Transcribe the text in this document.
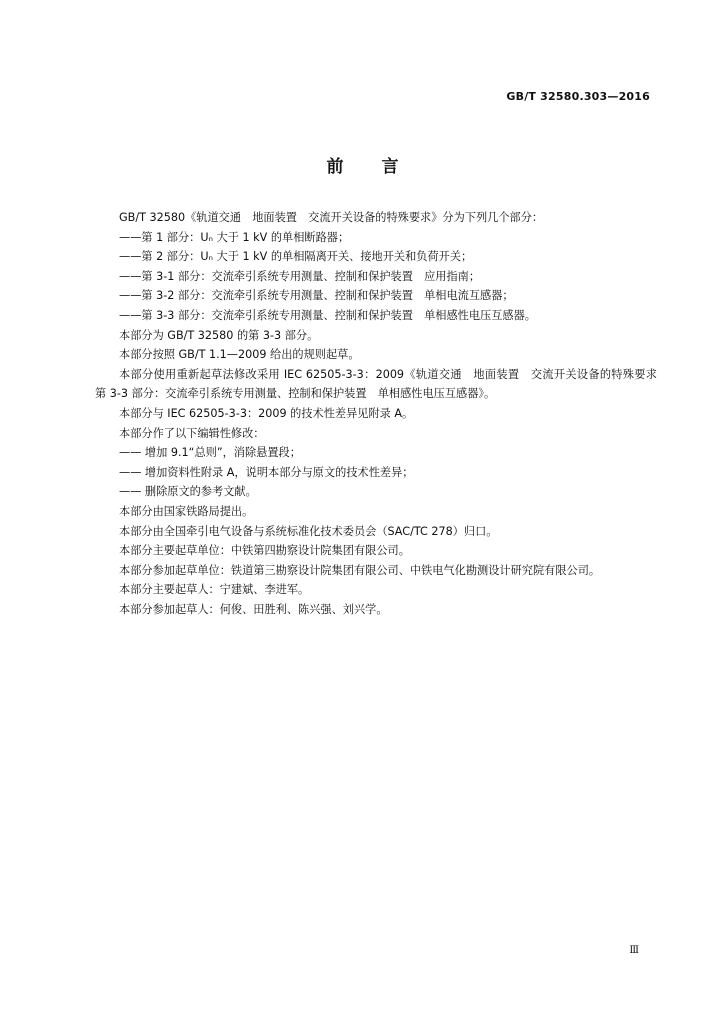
GB/T 32580.303—2016
前言
GB/T 32580《轨道交通　地面装置　交流开关设备的特殊要求》分为下列几个部分：
——第 1 部分：Uₙ 大于 1 kV 的单相断路器；
——第 2 部分：Uₙ 大于 1 kV 的单相隔离开关、接地开关和负荷开关；
——第 3-1 部分：交流牵引系统专用测量、控制和保护装置　应用指南；
——第 3-2 部分：交流牵引系统专用测量、控制和保护装置　单相电流互感器；
——第 3-3 部分：交流牵引系统专用测量、控制和保护装置　单相感性电压互感器。
本部分为 GB/T 32580 的第 3-3 部分。
本部分按照 GB/T 1.1—2009 给出的规则起草。
本部分使用重新起草法修改采用 IEC 62505-3-3：2009《轨道交通　地面装置　交流开关设备的特殊要求　第 3-3 部分：交流牵引系统专用测量、控制和保护装置　单相感性电压互感器》。
本部分与 IEC 62505-3-3：2009 的技术性差异见附录 A。
本部分作了以下编辑性修改：
—— 增加 9.1“总则”，消除悬置段；
—— 增加资料性附录 A，说明本部分与原文的技术性差异；
—— 删除原文的参考文献。
本部分由国家铁路局提出。
本部分由全国牵引电气设备与系统标准化技术委员会（SAC/TC 278）归口。
本部分主要起草单位：中铁第四勘察设计院集团有限公司。
本部分参加起草单位：铁道第三勘察设计院集团有限公司、中铁电气化勘测设计研究院有限公司。
本部分主要起草人：宁建斌、李进军。
本部分参加起草人：何俊、田胜利、陈兴强、刘兴学。
Ⅲ
